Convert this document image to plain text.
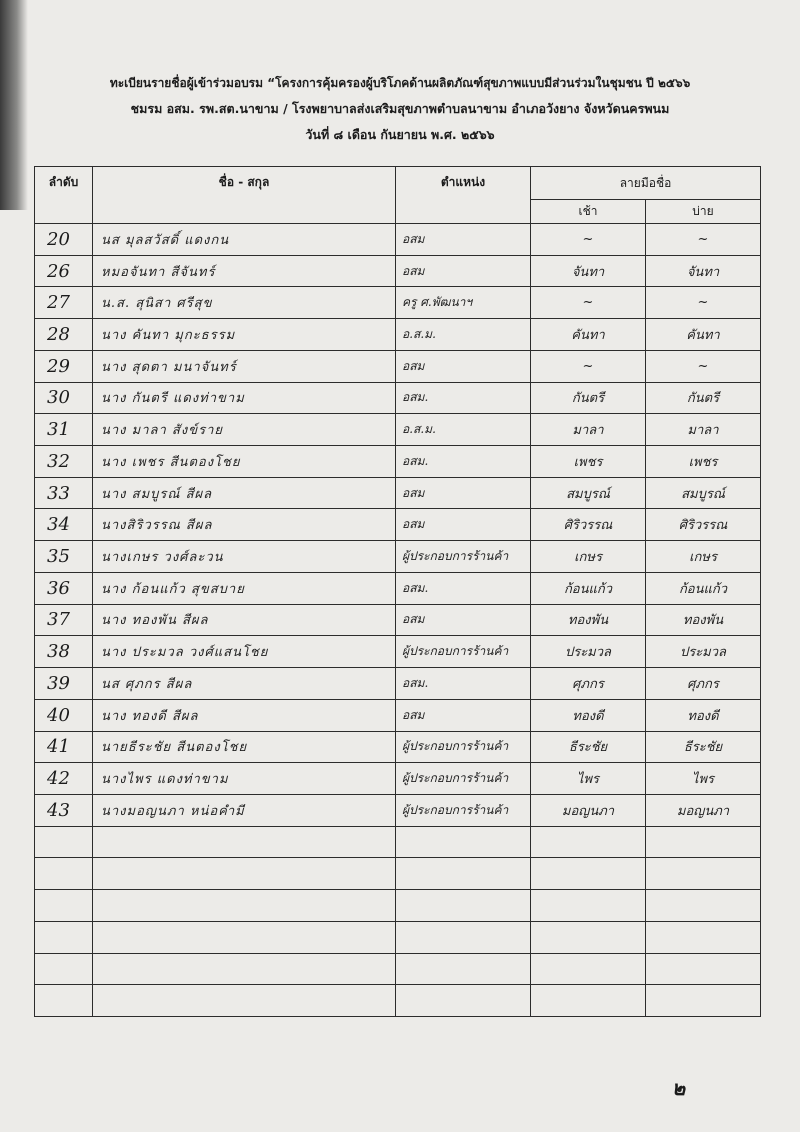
ทะเบียนรายชื่อผู้เข้าร่วมอบรม “โครงการคุ้มครองผู้บริโภคด้านผลิตภัณฑ์สุขภาพแบบมีส่วนร่วมในชุมชน ปี ๒๕๖๖
ชมรม อสม. รพ.สต.นาขาม / โรงพยาบาลส่งเสริมสุขภาพตำบลนาขาม อำเภอวังยาง จังหวัดนครพนม
วันที่ ๘ เดือน กันยายน พ.ศ. ๒๕๖๖
ลำดับ	ชื่อ - สกุล	ตำแหน่ง	ลายมือชื่อ	
			เช้า	บ่าย
20	นส มุลสวัสดิ์ แดงกน	อสม	~	~
26	หมอจันทา สีจันทร์	อสม	จันทา	จันทา
27	น.ส. สุนิสา ศรีสุข	ครู ศ.พัฒนาฯ	~	~
28	นาง คันทา มุกะธรรม	อ.ส.ม.	คันทา	คันทา
29	นาง สุดตา มนาจันทร์	อสม	~	~
30	นาง กันตรี แดงท่าขาม	อสม.	กันตรี	กันตรี
31	นาง มาลา สังข์ราย	อ.ส.ม.	มาลา	มาลา
32	นาง เพชร สีนตองโชย	อสม.	เพชร	เพชร
33	นาง สมบูรณ์ สีผล	อสม	สมบูรณ์	สมบูรณ์
34	นางสิริวรรณ สีผล	อสม	ศิริวรรณ	ศิริวรรณ
35	นางเกษร วงศ์ละวน	ผู้ประกอบการร้านค้า	เกษร	เกษร
36	นาง ก้อนแก้ว สุขสบาย	อสม.	ก้อนแก้ว	ก้อนแก้ว
37	นาง ทองพัน สีผล	อสม	ทองพัน	ทองพัน
38	นาง ประมวล วงศ์แสนโชย	ผู้ประกอบการร้านค้า	ประมวล	ประมวล
39	นส ศุภกร สีผล	อสม.	ศุภกร	ศุภกร
40	นาง ทองดี สีผล	อสม	ทองดี	ทองดี
41	นายธีระชัย สีนตองโชย	ผู้ประกอบการร้านค้า	ธีระชัย	ธีระชัย
42	นางไพร แดงท่าขาม	ผู้ประกอบการร้านค้า	ไพร	ไพร
43	นางมอญนภา หน่อคำมี	ผู้ประกอบการร้านค้า	มอญนภา	มอญนภา

๒
